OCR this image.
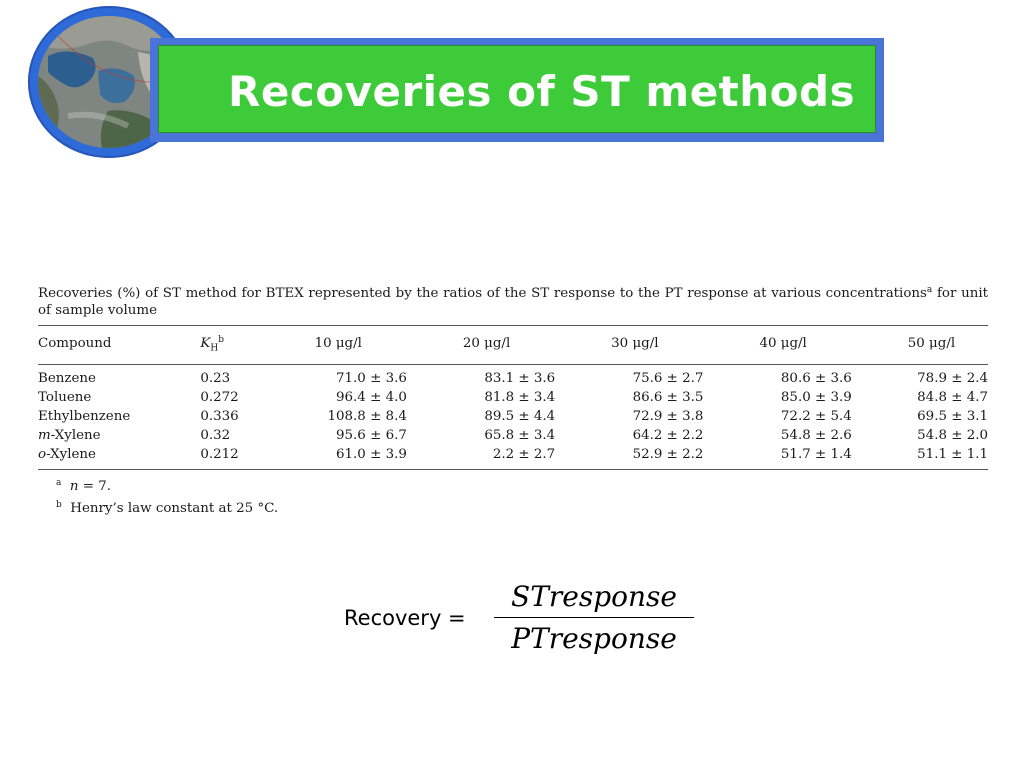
Recoveries of ST methods

Recoveries (%) of ST method for BTEX represented by the ratios of the ST response to the PT response at various concentrations$^a$ for unit of sample volume

Compound	$K_H^b$	10 μg/l	20 μg/l	30 μg/l	40 μg/l	50 μg/l
Benzene	0.23	71.0 ± 3.6	83.1 ± 3.6	75.6 ± 2.7	80.6 ± 3.6	78.9 ± 2.4
Toluene	0.272	96.4 ± 4.0	81.8 ± 3.4	86.6 ± 3.5	85.0 ± 3.9	84.8 ± 4.7
Ethylbenzene	0.336	108.8 ± 8.4	89.5 ± 4.4	72.9 ± 3.8	72.2 ± 5.4	69.5 ± 3.1
m-Xylene	0.32	95.6 ± 6.7	65.8 ± 3.4	64.2 ± 2.2	54.8 ± 2.6	54.8 ± 2.0
o-Xylene	0.212	61.0 ± 3.9	2.2 ± 2.7	52.9 ± 2.2	51.7 ± 1.4	51.1 ± 1.1
$^a$ n = 7.
$^b$ Henry’s law constant at 25 °C.
Recovery =
STresponse
PTresponse
